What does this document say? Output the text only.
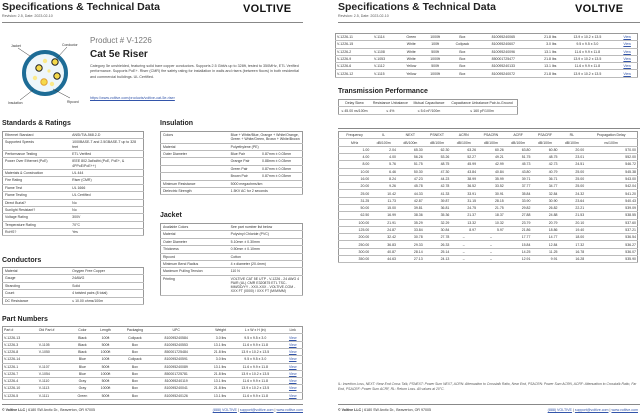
Specifications & Technical Data
Revision: 2.5, Date: 2023-02-10
VOLTIVE
Jacket	Conductor
Insulation	Ripcord
Product # V-1226
Cat 5e Riser
Category 5e unshielded, featuring solid bare copper conductors. Supports 2.5 Gbit/s up to 328ft, tested to 350MHz, ETL Verified performance. Supports PoE+. Riser (CMR) fire safety rating for installation in walls and risers (between floors) in both residential and commercial buildings. UL Certified.
https://www.voltive.com/products/voltive-cat-5e-riser
Standards & Ratings
Ethernet Standard	ANSI/TIA-568.2-D
Supported Speeds	1000BASE-T and 2.5GBASE-T up to 328 feet
Performance Testing	ETL Verified
Power Over Ethernet (PoE)	IEEE 802.3af/at/bt (PoE, PoE+, & 4PPoE/PoE++)
Materials & Construction	UL 444
Fire Rating	Riser (CMR)
Flame Test	UL 1666
Flame Testing	UL Certified
Direct Burial?	No
Sunlight Resistant?	No
Voltage Rating	300V
Temperature Rating	70°C
RoHS?	Yes
Conductors
Material	Oxygen Free Copper
Gauge	24AWG
Stranding	Solid
Count	4 twisted pairs (8 total)
DC Resistance	≤ 10.00 ohms/100m
Insulation
Colors	Blue + White/Blue, Orange + White/Orange, Green + White/Green, Brown + White/Brown	
Material	Polyethylene (PE)	
Outer Diameter	Blue Pair	0.87mm ± 0.03mm
	Orange Pair	0.88mm ± 0.03mm
	Green Pair	0.87mm ± 0.03mm
	Brown Pair	0.87mm ± 0.03mm
Minimum Resistance	5000 megaohms/km	
Dielectric Strength	1.5KV AC for 2 seconds	
Jacket
Available Colors	See part number list below
Material	Polyvinyl Chloride (PVC)
Outer Diameter	5.10mm ± 0.30mm
Thickness	0.50mm ± 0.10mm
Ripcord	Cotton
Minimum Bend Radius	4 x diameter (20.4mm)
Maximum Pulling Tension	110 N
Printing	VOLTIVE CAT 5E UTP - V-1226 - 24 AWG 4 PAIR (UL) CMR E320875 ETL TSC-MM/DD/YY - XXX-XXX - VOLTIVE.COM - XXX FT (0000) / XXX FT (M/M/MM)
Part Numbers
Part #	Old Part #	Color	Length	Packaging	UPC	Weight	L x W x H (in)	Link
V-1226-13		Black	100ft	Coilpack	810095240584	3.0 lbs	9.5 x 9.5 x 3.0	View
V-1226-3	V-1105	Black	500ft	Box	810095240553	13.1 lbs	11.6 x 9.9 x 11.8	View
V-1226-8	V-1050	Black	1000ft	Box	850001725484	21.8 lbs	13.9 x 10.2 x 13.5	View
V-1226-14		Blue	100ft	Coilpack	810095240591	3.0 lbs	9.5 x 9.5 x 3.0	View
V-1226-1	V-1107	Blue	500ft	Box	810095240089	13.1 lbs	11.6 x 9.9 x 11.8	View
V-1226-7	V-1054	Blue	1000ft	Box	850001725781	21.8 lbs	13.9 x 10.2 x 13.5	View
V-1226-4	V-1110	Gray	500ft	Box	810095240119	13.1 lbs	11.6 x 9.9 x 11.8	View
V-1226-10	V-1113	Gray	1000ft	Box	810095240041	21.8 lbs	13.9 x 10.2 x 13.5	View
V-1226-5	V-1111	Green	500ft	Box	810095240126	13.1 lbs	11.6 x 9.9 x 11.8	View
© Voltive LLC | 6180 SW Arctic Dr., Beaverton, OR 97005	(888) VOLTIVE | support@voltive.com | www.voltive.com
Specifications & Technical Data
Revision: 2.5, Date: 2023-02-10
VOLTIVE
V-1226-11	V-1114	Green	1000ft	Box	810095240065	21.8 lbs	13.9 x 10.2 x 13.5	View
V-1226-15		White	100ft	Coilpack	810095240607	3.0 lbs	9.5 x 9.5 x 3.0	View
V-1226-2	V-1108	White	500ft	Box	810095240096	13.1 lbs	11.6 x 9.9 x 11.8	View
V-1226-9	V-1053	White	1000ft	Box	850001725477	21.8 lbs	13.9 x 10.2 x 13.5	View
V-1226-6	V-1112	Yellow	500ft	Box	810095240133	13.1 lbs	11.6 x 9.9 x 11.8	View
V-1226-12	V-1115	Yellow	1000ft	Box	810095240072	21.8 lbs	13.9 x 10.2 x 13.5	View
Transmission Performance
Delay Skew	Resistance Unbalance	Mutual Capacitance	Capacitance Unbalance Pair-to-Ground
≤ 45.00 ns/100m	≤ 4%	≤ 5.6 nF/100m	≤ 160 pF/100m
Frequency	IL	NEXT	PSNEXT	ACRN	PSACRN	ACRF	PSACRF	RL	Propagation Delay
MHz	dB/100m	dB/100m	dB/100m	dB/100m	dB/100m	dB/100m	dB/100m	dB/100m	ns/100m
1.00	2.04	65.30	62.30	63.26	60.26	63.80	60.80	20.00	570.00
4.00	4.00	56.26	53.26	52.27	49.21	51.75	48.75	23.01	552.00
8.00	5.76	51.75	48.75	45.99	42.99	45.73	42.73	24.51	546.72
10.00	6.46	50.30	47.30	43.84	40.84	43.80	40.79	25.00	545.38
16.00	8.24	47.23	44.23	38.99	35.99	39.71	36.71	25.00	543.00
20.00	9.26	45.78	42.78	36.52	33.52	37.77	34.77	25.00	542.04
25.00	10.42	44.33	41.33	33.91	30.91	35.84	32.84	24.32	541.20
31.25	11.73	42.87	39.87	31.15	28.15	33.90	30.90	23.64	540.43
50.00	15.00	39.81	36.81	24.75	21.75	29.82	26.82	22.21	539.09
62.50	16.99	38.36	35.36	21.37	18.37	27.88	24.88	21.53	538.55
100.00	21.91	35.29	32.29	13.32	10.32	23.79	20.79	20.10	537.60
125.00	24.87	33.84	30.84	8.97	5.97	21.86	18.86	19.40	537.21
200.00	32.42	30.78	27.78	–	–	17.77	14.77	18.00	536.54
250.00	36.83	29.33	26.33	–	–	15.84	12.84	17.32	536.27
300.00	40.87	28.14	25.14	–	–	14.25	11.25	16.78	536.07
350.00	44.63	27.13	24.13	–	–	12.91	9.91	16.28	535.90
IL: Insertion Loss, NEXT: Near End Cross Talk, PSNEXT: Power Sum NEXT, ACRN: Attenuation to Crosstalk Ratio, Near End, PSACRN: Power Sum ACRN, ACRF: Attenuation to Crosstalk Ratio, Far End, PSACRF: Power Sum ACRF, RL: Return Loss. All values at 20°C.
© Voltive LLC | 6180 SW Arctic Dr., Beaverton, OR 97005	(888) VOLTIVE | support@voltive.com | www.voltive.com
